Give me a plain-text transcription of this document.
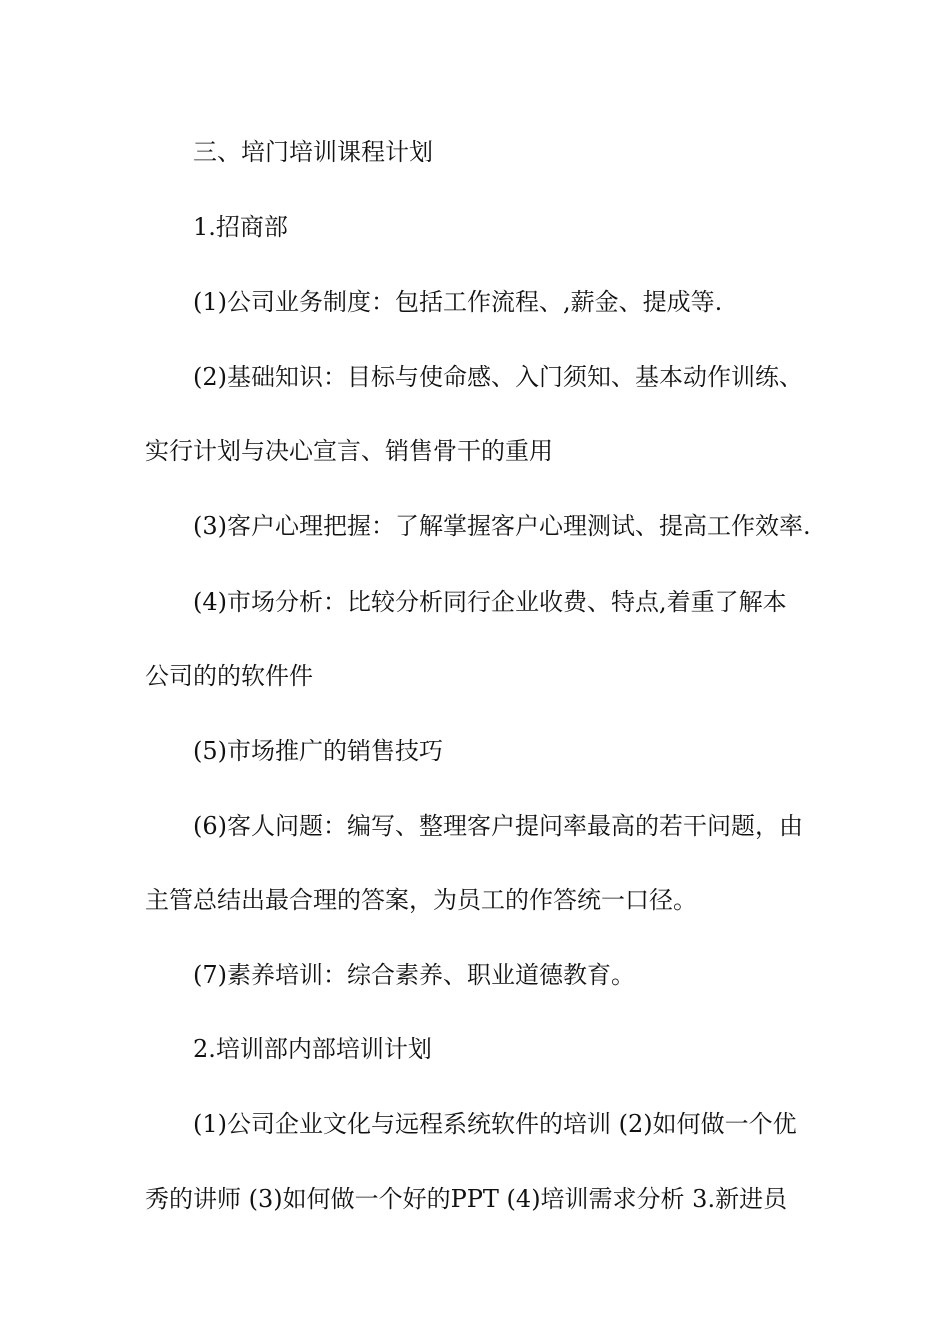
三、培门培训课程计划
1.招商部
(1)公司业务制度：包括工作流程、,薪金、提成等.
(2)基础知识：目标与使命感、入门须知、基本动作训练、
实行计划与决心宣言、销售骨干的重用
(3)客户心理把握：了解掌握客户心理测试、提高工作效率.
(4)市场分析：比较分析同行企业收费、特点,着重了解本
公司的的软件件
(5)市场推广的销售技巧
(6)客人问题：编写、整理客户提问率最高的若干问题，由
主管总结出最合理的答案，为员工的作答统一口径。
(7)素养培训：综合素养、职业道德教育。
2.培训部内部培训计划
(1)公司企业文化与远程系统软件的培训 (2)如何做一个优
秀的讲师 (3)如何做一个好的PPT (4)培训需求分析 3.新进员
